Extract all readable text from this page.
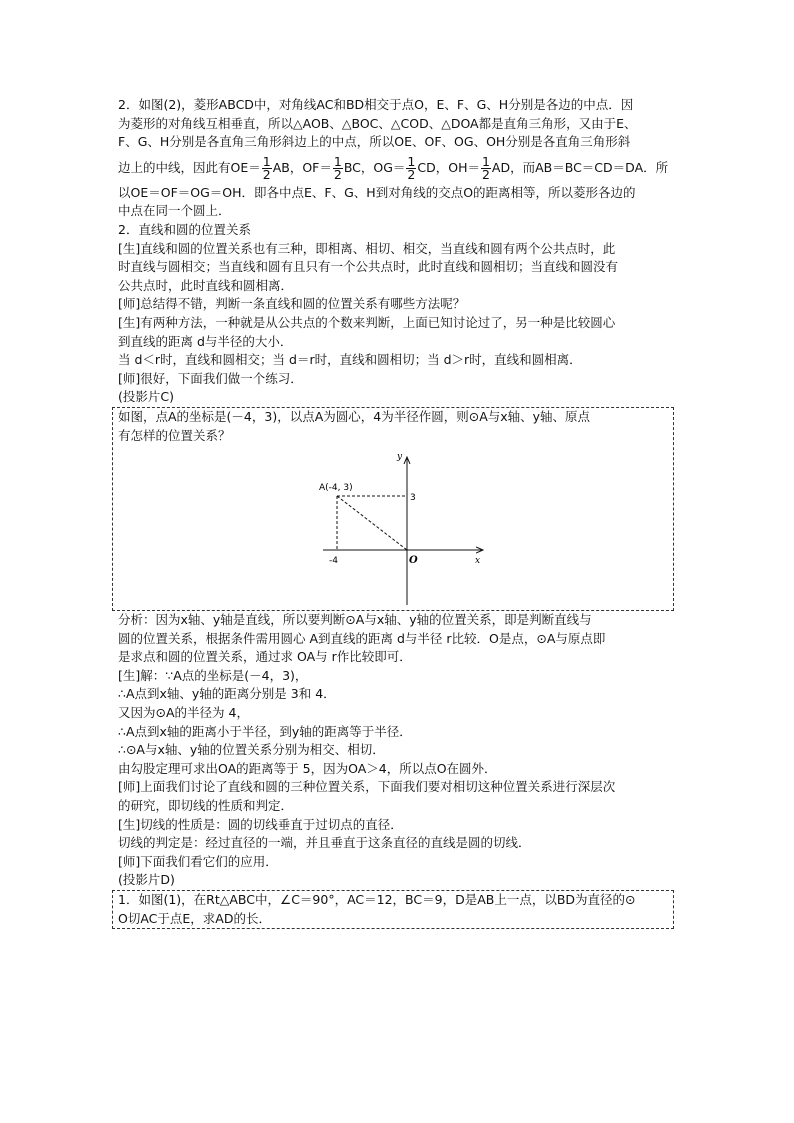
2．如图(2)，菱形ABCD中，对角线AC和BD相交于点O，E、F、G、H分别是各边的中点．因
为菱形的对角线互相垂直，所以△AOB、△BOC、△COD、△DOA都是直角三角形，又由于E、
F、G、H分别是各直角三角形斜边上的中点，所以OE、OF、OG、OH分别是各直角三角形斜
边上的中线，因此有$OE= \frac{1}{2}$ AB，$OF= \frac{1}{2}$ BC，$OG= \frac{1}{2}$ CD，$OH= \frac{1}{2}$ AD，而AB＝BC＝CD＝DA．所
以OE＝OF＝OG＝OH．即各中点E、F、G、H到对角线的交点O的距离相等，所以菱形各边的
中点在同一个圆上．
2．直线和圆的位置关系
[生]直线和圆的位置关系也有三种，即相离、相切、相交，当直线和圆有两个公共点时，此
时直线与圆相交；当直线和圆有且只有一个公共点时，此时直线和圆相切；当直线和圆没有
公共点时，此时直线和圆相离．
[师]总结得不错，判断一条直线和圆的位置关系有哪些方法呢？
[生]有两种方法，一种就是从公共点的个数来判断，上面已知讨论过了，另一种是比较圆心
到直线的距离 d与半径的大小．
当 d＜r时，直线和圆相交；当 d＝r时，直线和圆相切；当 d＞r时，直线和圆相离．
[师]很好，下面我们做一个练习．
(投影片C)
如图，点A的坐标是(－4，3)，以点A为圆心，4为半径作圆，则⊙A与x轴、y轴、原点
有怎样的位置关系？
A(-4, 3)
3
-4	O	x
y
分析：因为x轴、y轴是直线，所以要判断⊙A与x轴、y轴的位置关系，即是判断直线与
圆的位置关系，根据条件需用圆心 A到直线的距离 d与半径 r比较．O是点，⊙A与原点即
是求点和圆的位置关系，通过求 OA与 r作比较即可．
[生]解：∵A点的坐标是(－4，3)，
∴A点到x轴、y轴的距离分别是 3和 4．
又因为⊙A的半径为 4，
∴A点到x轴的距离小于半径，到y轴的距离等于半径．
∴⊙A与x轴、y轴的位置关系分别为相交、相切．
由勾股定理可求出OA的距离等于 5，因为OA＞4，所以点O在圆外．
[师]上面我们讨论了直线和圆的三种位置关系，下面我们要对相切这种位置关系进行深层次
的研究，即切线的性质和判定．
[生]切线的性质是：圆的切线垂直于过切点的直径．
切线的判定是：经过直径的一端，并且垂直于这条直径的直线是圆的切线．
[师]下面我们看它们的应用．
(投影片D)
1．如图(1)，在Rt△ABC中，∠C＝90°，AC＝12，BC＝9，D是AB上一点，以BD为直径的⊙
O切AC于点E，求AD的长．
